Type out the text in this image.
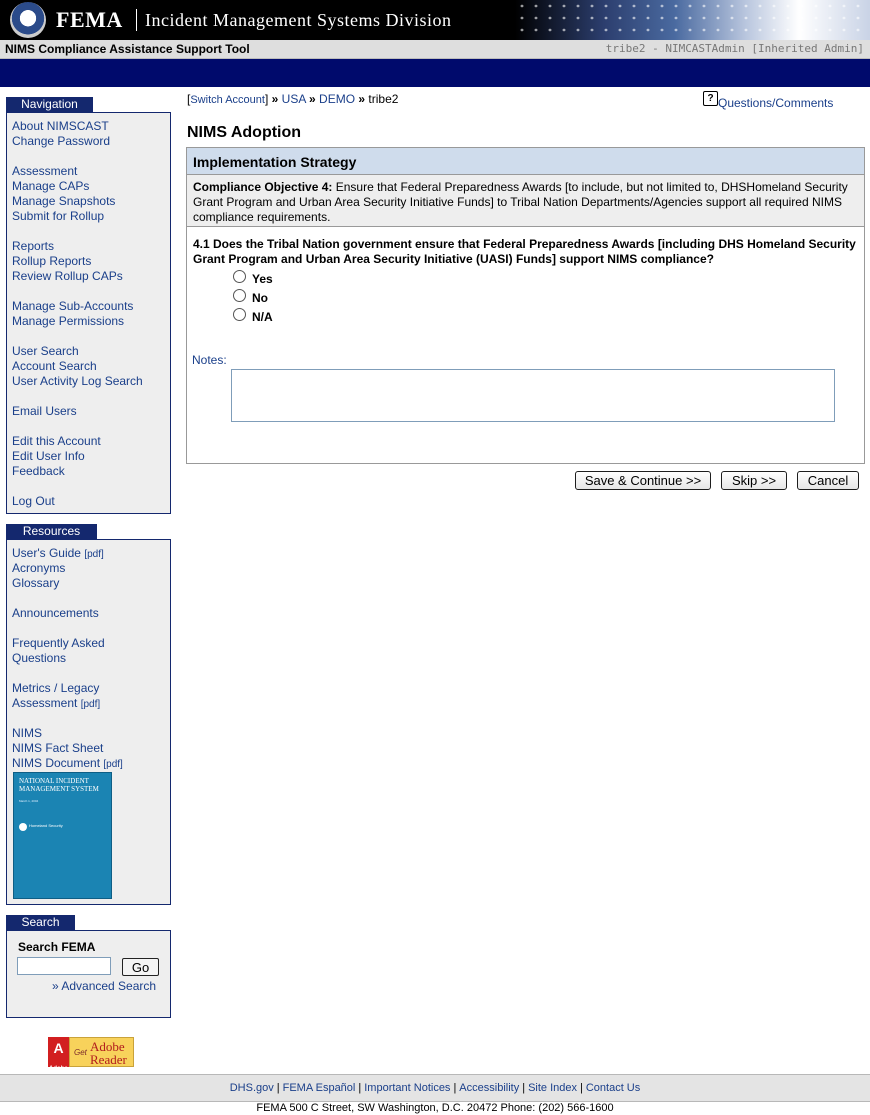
FEMA Incident Management Systems Division
NIMS Compliance Assistance Support Tool	tribe2 - NIMCASTAdmin [Inherited Admin]
Navigation
About NIMSCAST
Change Password
Assessment
Manage CAPs
Manage Snapshots
Submit for Rollup
Reports
Rollup Reports
Review Rollup CAPs
Manage Sub-Accounts
Manage Permissions
User Search
Account Search
User Activity Log Search
Email Users
Edit this Account
Edit User Info
Feedback
Log Out
Resources
User's Guide [pdf]
Acronyms
Glossary
Announcements
Frequently Asked
Questions
Metrics / Legacy
Assessment [pdf]
NIMS
NIMS Fact Sheet
NIMS Document [pdf]
NATIONAL INCIDENT MANAGEMENT SYSTEM
March 1, 2004
Homeland Security
Search
Search FEMA
Go
» Advanced Search
A
Adobe
Get Adobe
Reader
[Switch Account] » USA » DEMO » tribe2	? Questions/Comments
NIMS Adoption
Implementation Strategy
Compliance Objective 4: Ensure that Federal Preparedness Awards [to include, but not limited to, DHSHomeland Security Grant Program and Urban Area Security Initiative Funds] to Tribal Nation Departments/Agencies support all required NIMS compliance requirements.
4.1 Does the Tribal Nation government ensure that Federal Preparedness Awards [including DHS Homeland Security Grant Program and Urban Area Security Initiative (UASI) Funds] support NIMS compliance?
Yes
No
N/A
Notes:
Save & Continue >>	Skip >>	Cancel
DHS.gov | FEMA Español | Important Notices | Accessibility | Site Index | Contact Us
FEMA 500 C Street, SW Washington, D.C. 20472 Phone: (202) 566-1600
